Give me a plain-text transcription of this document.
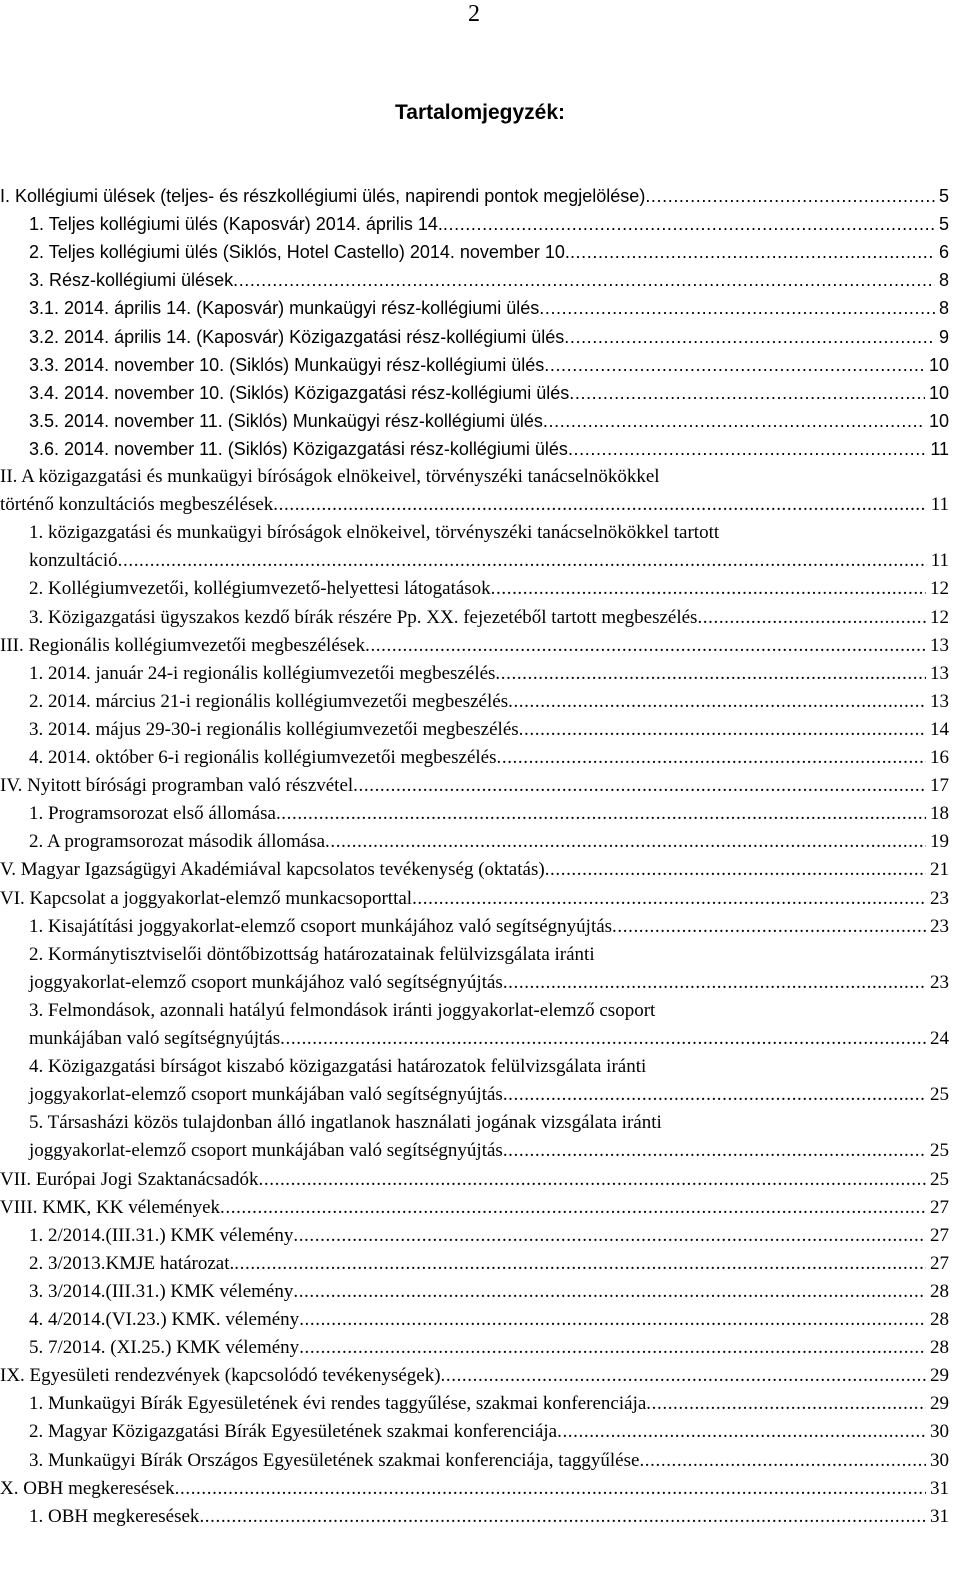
2
Tartalomjegyzék:
I. Kollégiumi ülések (teljes- és részkollégiumi ülés, napirendi pontok megjelölése) .....	5
1. Teljes kollégiumi ülés (Kaposvár) 2014. április 14. .....	5
2. Teljes kollégiumi ülés (Siklós, Hotel Castello) 2014. november 10. .....	6
3. Rész-kollégiumi ülések .....	8
3.1. 2014. április 14. (Kaposvár) munkaügyi rész-kollégiumi ülés .....	8
3.2. 2014. április 14. (Kaposvár) Közigazgatási rész-kollégiumi ülés .....	9
3.3. 2014. november 10. (Siklós) Munkaügyi rész-kollégiumi ülés .....	10
3.4. 2014. november 10. (Siklós) Közigazgatási rész-kollégiumi ülés .....	10
3.5. 2014. november 11. (Siklós) Munkaügyi rész-kollégiumi ülés .....	10
3.6. 2014. november 11. (Siklós) Közigazgatási rész-kollégiumi ülés .....	11
II. A közigazgatási és munkaügyi bíróságok elnökeivel, törvényszéki tanácselnökökkel
történő konzultációs megbeszélések .....	11
1. közigazgatási és munkaügyi bíróságok elnökeivel, törvényszéki tanácselnökökkel tartott
konzultáció .....	11
2. Kollégiumvezetői, kollégiumvezető-helyettesi látogatások .....	12
3. Közigazgatási ügyszakos kezdő bírák részére Pp. XX. fejezetéből tartott megbeszélés .....	12
III. Regionális kollégiumvezetői megbeszélések .....	13
1. 2014. január 24-i regionális kollégiumvezetői megbeszélés .....	13
2. 2014. március 21-i regionális kollégiumvezetői megbeszélés .....	13
3. 2014. május 29-30-i regionális kollégiumvezetői megbeszélés .....	14
4. 2014. október 6-i regionális kollégiumvezetői megbeszélés .....	16
IV. Nyitott bírósági programban való részvétel .....	17
1. Programsorozat első állomása .....	18
2. A programsorozat második állomása .....	19
V. Magyar Igazságügyi Akadémiával kapcsolatos tevékenység (oktatás) .....	21
VI. Kapcsolat a joggyakorlat-elemző munkacsoporttal .....	23
1. Kisajátítási joggyakorlat-elemző csoport munkájához való segítségnyújtás .....	23
2. Kormánytisztviselői döntőbizottság határozatainak felülvizsgálata iránti
joggyakorlat-elemző csoport munkájához való segítségnyújtás .....	23
3. Felmondások, azonnali hatályú felmondások iránti joggyakorlat-elemző csoport
munkájában való segítségnyújtás .....	24
4. Közigazgatási bírságot kiszabó közigazgatási határozatok felülvizsgálata iránti
joggyakorlat-elemző csoport munkájában való segítségnyújtás .....	25
5. Társasházi közös tulajdonban álló ingatlanok használati jogának vizsgálata iránti
joggyakorlat-elemző csoport munkájában való segítségnyújtás .....	25
VII. Európai Jogi Szaktanácsadók .....	25
VIII. KMK, KK vélemények .....	27
1. 2/2014.(III.31.) KMK vélemény .....	27
2. 3/2013.KMJE határozat. .....	27
3. 3/2014.(III.31.) KMK vélemény .....	28
4. 4/2014.(VI.23.) KMK. vélemény .....	28
5. 7/2014. (XI.25.) KMK vélemény .....	28
IX. Egyesületi rendezvények (kapcsolódó tevékenységek) .....	29
1. Munkaügyi Bírák Egyesületének évi rendes taggyűlése, szakmai konferenciája .....	29
2. Magyar Közigazgatási Bírák Egyesületének szakmai konferenciája .....	30
3. Munkaügyi Bírák Országos Egyesületének szakmai konferenciája, taggyűlése .....	30
X. OBH megkeresések .....	31
1. OBH megkeresések .....	31
